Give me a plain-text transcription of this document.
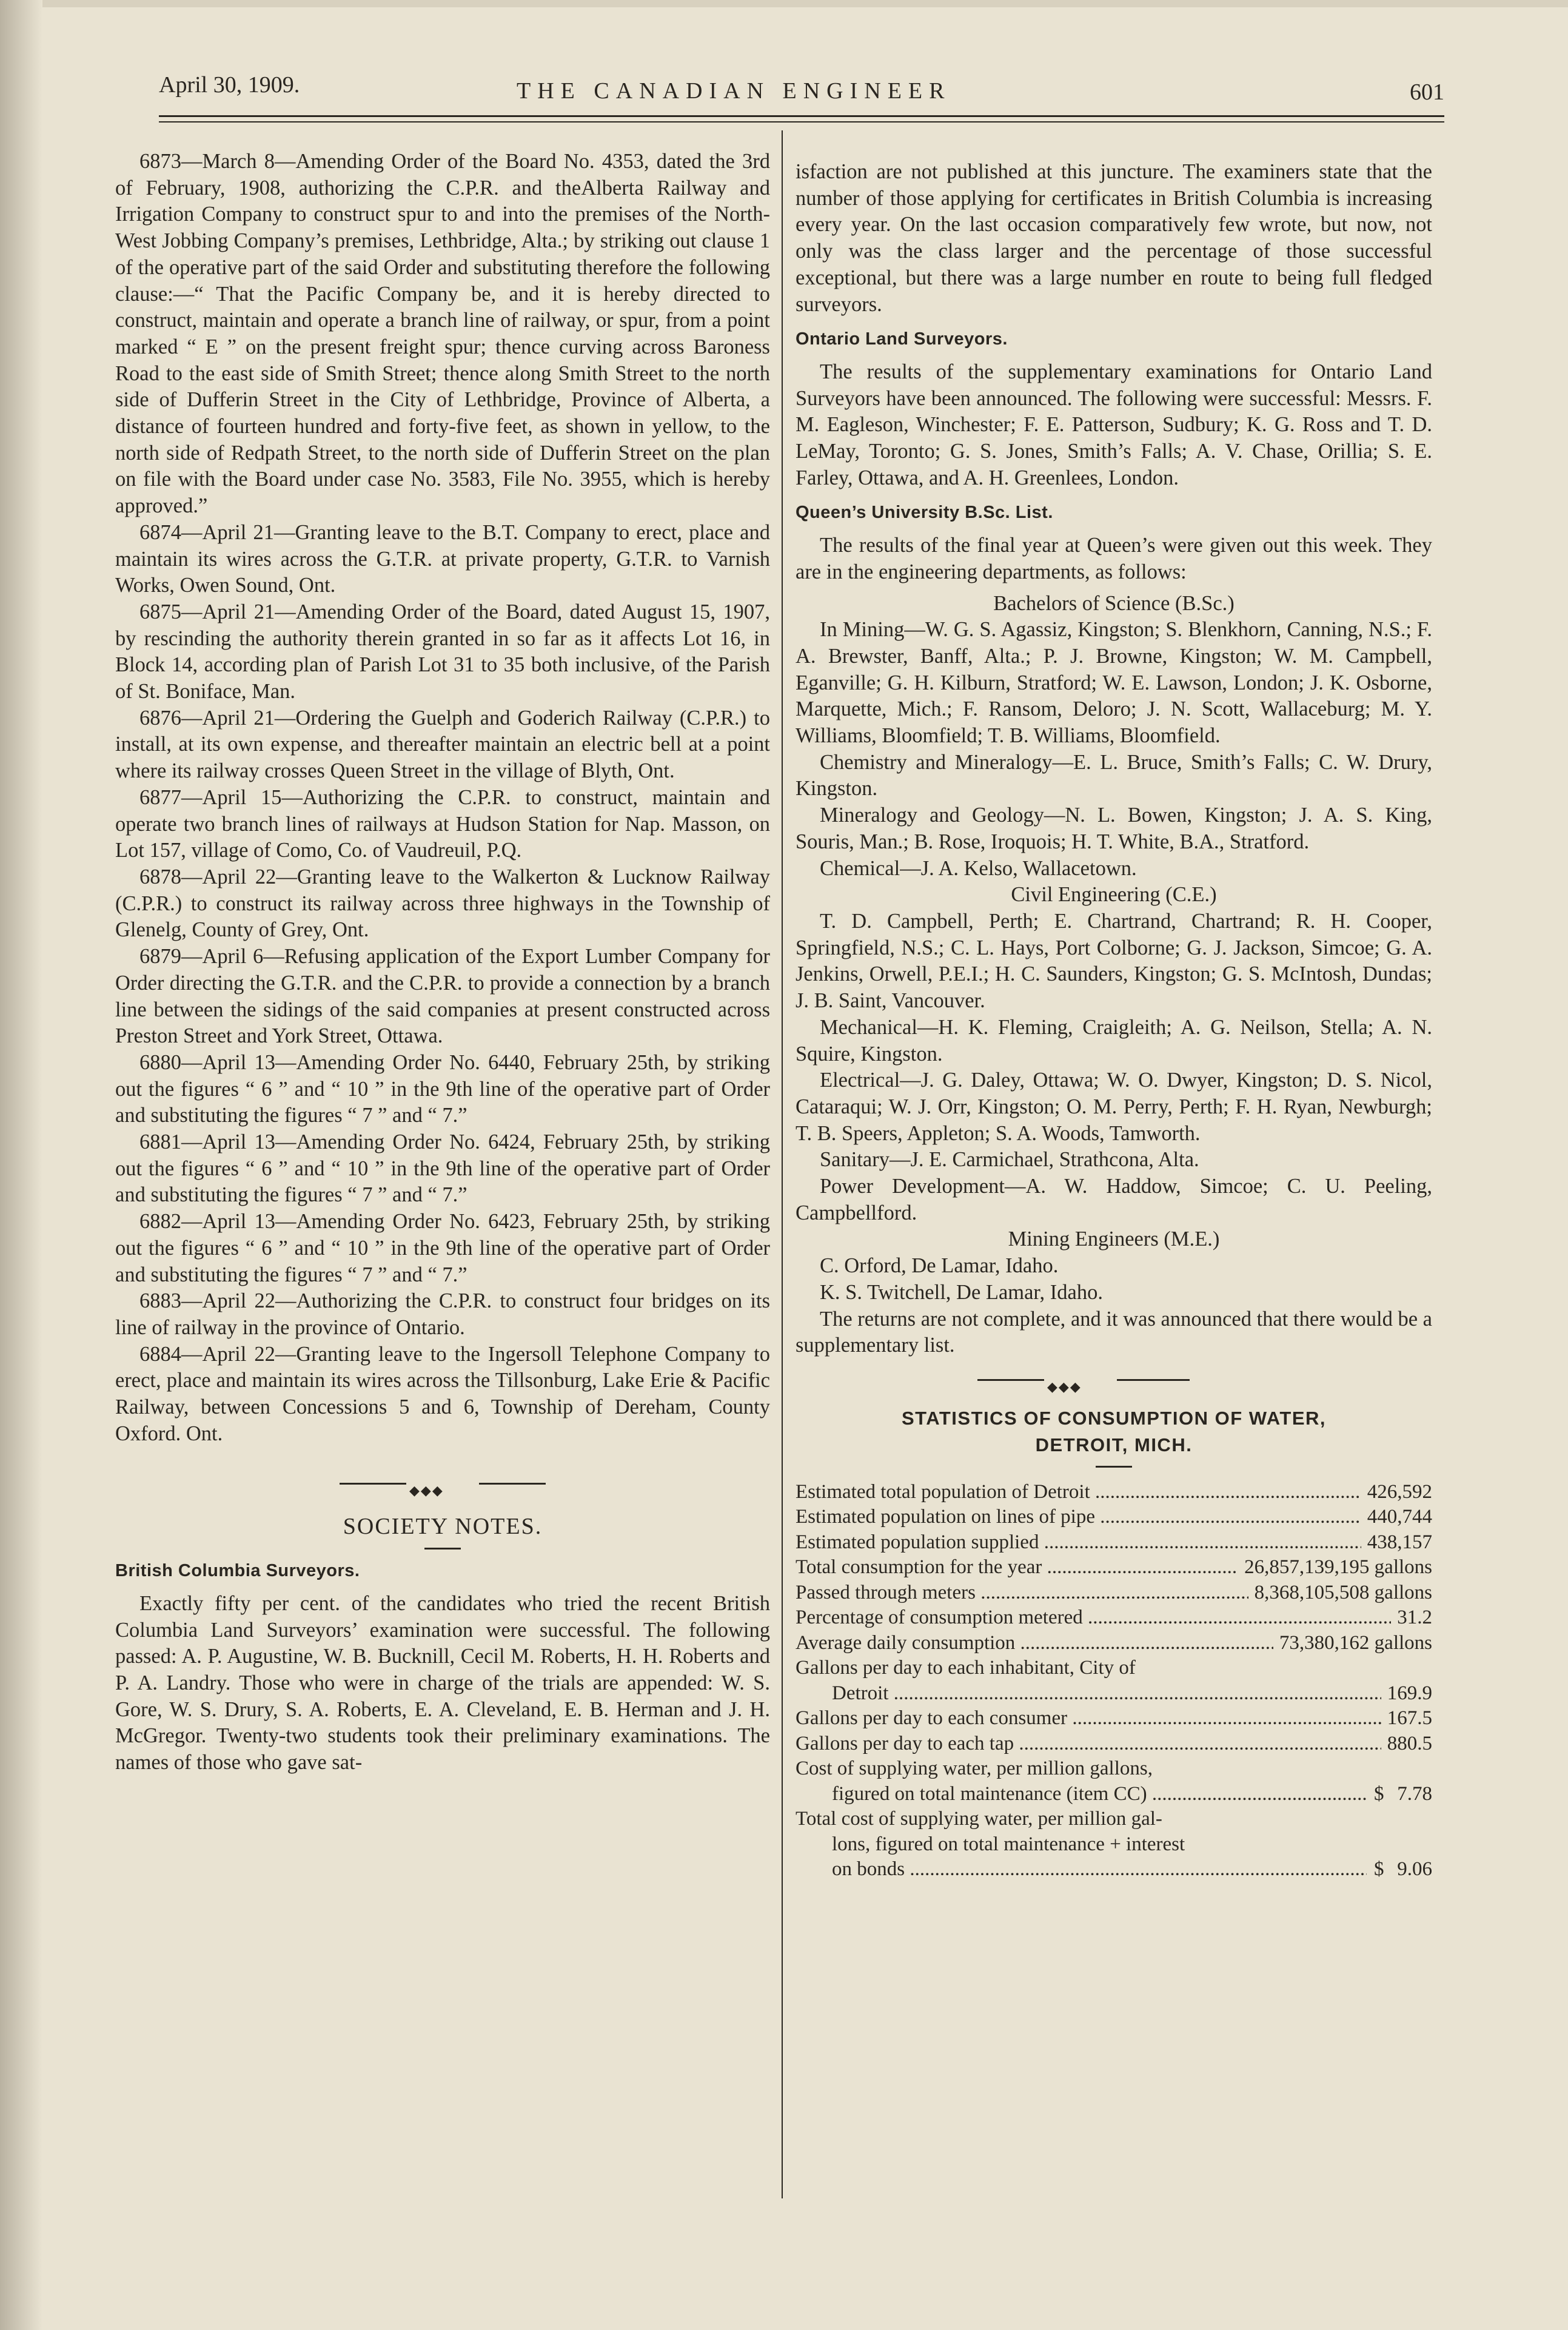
April 30, 1909.	THE CANADIAN ENGINEER	601

6873—March 8—Amending Order of the Board No. 4353, dated the 3rd of February, 1908, authorizing the C.P.R. and theAlberta Railway and Irrigation Company to construct spur to and into the premises of the North-West Jobbing Company’s premises, Lethbridge, Alta.; by striking out clause 1 of the operative part of the said Order and substituting therefore the following clause:—“ That the Pacific Company be, and it is hereby directed to construct, maintain and operate a branch line of railway, or spur, from a point marked “ E ” on the present freight spur; thence curving across Baroness Road to the east side of Smith Street; thence along Smith Street to the north side of Dufferin Street in the City of Lethbridge, Province of Alberta, a distance of fourteen hundred and forty-five feet, as shown in yellow, to the north side of Redpath Street, to the north side of Dufferin Street on the plan on file with the Board under case No. 3583, File No. 3955, which is hereby approved.”

6874—April 21—Granting leave to the B.T. Company to erect, place and maintain its wires across the G.T.R. at private property, G.T.R. to Varnish Works, Owen Sound, Ont.

6875—April 21—Amending Order of the Board, dated August 15, 1907, by rescinding the authority therein granted in so far as it affects Lot 16, in Block 14, according plan of Parish Lot 31 to 35 both inclusive, of the Parish of St. Boniface, Man.

6876—April 21—Ordering the Guelph and Goderich Railway (C.P.R.) to install, at its own expense, and thereafter maintain an electric bell at a point where its railway crosses Queen Street in the village of Blyth, Ont.

6877—April 15—Authorizing the C.P.R. to construct, maintain and operate two branch lines of railways at Hudson Station for Nap. Masson, on Lot 157, village of Como, Co. of Vaudreuil, P.Q.

6878—April 22—Granting leave to the Walkerton & Lucknow Railway (C.P.R.) to construct its railway across three highways in the Township of Glenelg, County of Grey, Ont.

6879—April 6—Refusing application of the Export Lumber Company for Order directing the G.T.R. and the C.P.R. to provide a connection by a branch line between the sidings of the said companies at present constructed across Preston Street and York Street, Ottawa.

6880—April 13—Amending Order No. 6440, February 25th, by striking out the figures “ 6 ” and “ 10 ” in the 9th line of the operative part of Order and substituting the figures “ 7 ” and “ 7.”

6881—April 13—Amending Order No. 6424, February 25th, by striking out the figures “ 6 ” and “ 10 ” in the 9th line of the operative part of Order and substituting the figures “ 7 ” and “ 7.”

6882—April 13—Amending Order No. 6423, February 25th, by striking out the figures “ 6 ” and “ 10 ” in the 9th line of the operative part of Order and substituting the figures “ 7 ” and “ 7.”

6883—April 22—Authorizing the C.P.R. to construct four bridges on its line of railway in the province of Ontario.

6884—April 22—Granting leave to the Ingersoll Telephone Company to erect, place and maintain its wires across the Tillsonburg, Lake Erie & Pacific Railway, between Concessions 5 and 6, Township of Dereham, County Oxford. Ont.

◆◆◆
SOCIETY NOTES.
British Columbia Surveyors.

Exactly fifty per cent. of the candidates who tried the recent British Columbia Land Surveyors’ examination were successful. The following passed: A. P. Augustine, W. B. Bucknill, Cecil M. Roberts, H. H. Roberts and P. A. Landry. Those who were in charge of the trials are appended: W. S. Gore, W. S. Drury, S. A. Roberts, E. A. Cleveland, E. B. Herman and J. H. McGregor. Twenty-two students took their preliminary examinations. The names of those who gave sat-

isfaction are not published at this juncture. The examiners state that the number of those applying for certificates in British Columbia is increasing every year. On the last occasion comparatively few wrote, but now, not only was the class larger and the percentage of those successful exceptional, but there was a large number en route to being full fledged surveyors.

Ontario Land Surveyors.

The results of the supplementary examinations for Ontario Land Surveyors have been announced. The following were successful: Messrs. F. M. Eagleson, Winchester; F. E. Patterson, Sudbury; K. G. Ross and T. D. LeMay, Toronto; G. S. Jones, Smith’s Falls; A. V. Chase, Orillia; S. E. Farley, Ottawa, and A. H. Greenlees, London.

Queen’s University B.Sc. List.

The results of the final year at Queen’s were given out this week. They are in the engineering departments, as follows:

Bachelors of Science (B.Sc.)

In Mining—W. G. S. Agassiz, Kingston; S. Blenkhorn, Canning, N.S.; F. A. Brewster, Banff, Alta.; P. J. Browne, Kingston; W. M. Campbell, Eganville; G. H. Kilburn, Stratford; W. E. Lawson, London; J. K. Osborne, Marquette, Mich.; F. Ransom, Deloro; J. N. Scott, Wallaceburg; M. Y. Williams, Bloomfield; T. B. Williams, Bloomfield.

Chemistry and Mineralogy—E. L. Bruce, Smith’s Falls; C. W. Drury, Kingston.

Mineralogy and Geology—N. L. Bowen, Kingston; J. A. S. King, Souris, Man.; B. Rose, Iroquois; H. T. White, B.A., Stratford.

Chemical—J. A. Kelso, Wallacetown.

Civil Engineering (C.E.)

T. D. Campbell, Perth; E. Chartrand, Chartrand; R. H. Cooper, Springfield, N.S.; C. L. Hays, Port Colborne; G. J. Jackson, Simcoe; G. A. Jenkins, Orwell, P.E.I.; H. C. Saunders, Kingston; G. S. McIntosh, Dundas; J. B. Saint, Vancouver.

Mechanical—H. K. Fleming, Craigleith; A. G. Neilson, Stella; A. N. Squire, Kingston.

Electrical—J. G. Daley, Ottawa; W. O. Dwyer, Kingston; D. S. Nicol, Cataraqui; W. J. Orr, Kingston; O. M. Perry, Perth; F. H. Ryan, Newburgh; T. B. Speers, Appleton; S. A. Woods, Tamworth.

Sanitary—J. E. Carmichael, Strathcona, Alta.

Power Development—A. W. Haddow, Simcoe; C. U. Peeling, Campbellford.

Mining Engineers (M.E.)

C. Orford, De Lamar, Idaho.

K. S. Twitchell, De Lamar, Idaho.

The returns are not complete, and it was announced that there would be a supplementary list.

◆◆◆
STATISTICS OF CONSUMPTION OF WATER,
DETROIT, MICH.
Estimated total population of Detroit .....	426,592
Estimated population on lines of pipe .....	440,744
Estimated population supplied .....	438,157
Total consumption for the year .....	26,857,139,195 gallons
Passed through meters .....	8,368,105,508 gallons
Percentage of consumption metered .....	31.2
Average daily consumption .....	73,380,162 gallons
Gallons per day to each inhabitant, City of
Detroit .....	169.9
Gallons per day to each consumer .....	167.5
Gallons per day to each tap .....	880.5
Cost of supplying water, per million gallons,
figured on total maintenance (item CC) .....	$ 7.78
Total cost of supplying water, per million gal-
lons, figured on total maintenance + interest
on bonds .....	$ 9.06
